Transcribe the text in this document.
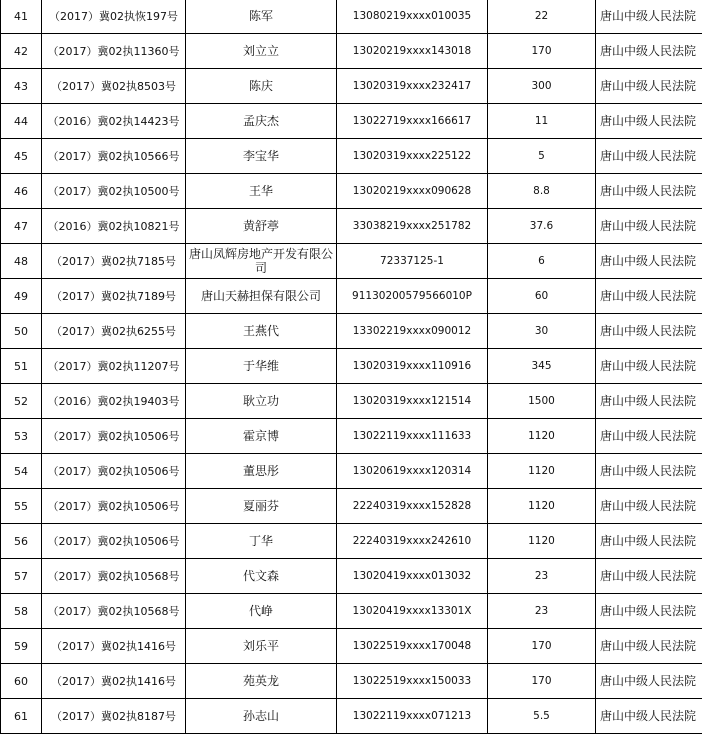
41	（2017）冀02执恢197号	陈军	13080219xxxx010035	22	唐山中级人民法院
42	（2017）冀02执11360号	刘立立	13020219xxxx143018	170	唐山中级人民法院
43	（2017）冀02执8503号	陈庆	13020319xxxx232417	300	唐山中级人民法院
44	（2016）冀02执14423号	孟庆杰	13022719xxxx166617	11	唐山中级人民法院
45	（2017）冀02执10566号	李宝华	13020319xxxx225122	5	唐山中级人民法院
46	（2017）冀02执10500号	王华	13020219xxxx090628	8.8	唐山中级人民法院
47	（2016）冀02执10821号	黄舒葶	33038219xxxx251782	37.6	唐山中级人民法院
48	（2017）冀02执7185号	唐山凤辉房地产开发有限公司	72337125-1	6	唐山中级人民法院
49	（2017）冀02执7189号	唐山天赫担保有限公司	91130200579566010P	60	唐山中级人民法院
50	（2017）冀02执6255号	王燕代	13302219xxxx090012	30	唐山中级人民法院
51	（2017）冀02执11207号	于华维	13020319xxxx110916	345	唐山中级人民法院
52	（2016）冀02执19403号	耿立功	13020319xxxx121514	1500	唐山中级人民法院
53	（2017）冀02执10506号	霍京博	13022119xxxx111633	1120	唐山中级人民法院
54	（2017）冀02执10506号	董思彤	13020619xxxx120314	1120	唐山中级人民法院
55	（2017）冀02执10506号	夏丽芬	22240319xxxx152828	1120	唐山中级人民法院
56	（2017）冀02执10506号	丁华	22240319xxxx242610	1120	唐山中级人民法院
57	（2017）冀02执10568号	代文森	13020419xxxx013032	23	唐山中级人民法院
58	（2017）冀02执10568号	代峥	13020419xxxx13301X	23	唐山中级人民法院
59	（2017）冀02执1416号	刘乐平	13022519xxxx170048	170	唐山中级人民法院
60	（2017）冀02执1416号	苑英龙	13022519xxxx150033	170	唐山中级人民法院
61	（2017）冀02执8187号	孙志山	13022119xxxx071213	5.5	唐山中级人民法院
